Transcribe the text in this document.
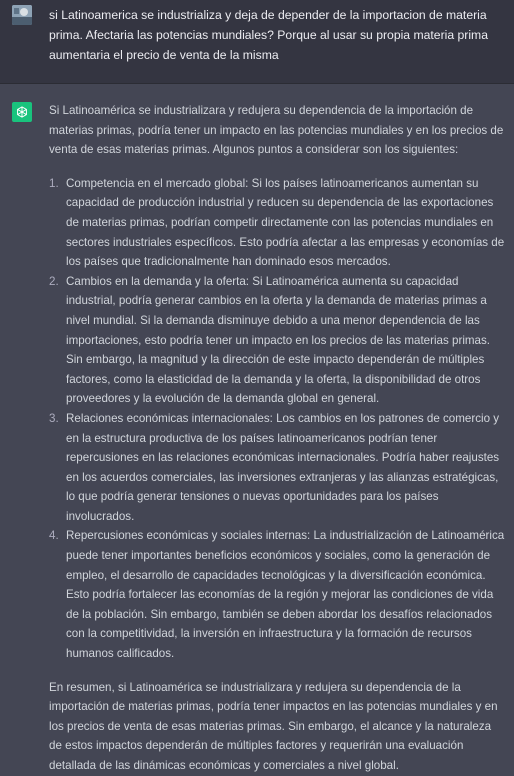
si Latinoamerica se industrializa y deja de depender de la importacion de materia prima. Afectaria las potencias mundiales? Porque al usar su propia materia prima aumentaria el precio de venta de la misma

Si Latinoamérica se industrializara y redujera su dependencia de la importación de materias primas, podría tener un impacto en las potencias mundiales y en los precios de venta de esas materias primas. Algunos puntos a considerar son los siguientes:

1. Competencia en el mercado global: Si los países latinoamericanos aumentan su capacidad de producción industrial y reducen su dependencia de las exportaciones de materias primas, podrían competir directamente con las potencias mundiales en sectores industriales específicos. Esto podría afectar a las empresas y economías de los países que tradicionalmente han dominado esos mercados.
2. Cambios en la demanda y la oferta: Si Latinoamérica aumenta su capacidad industrial, podría generar cambios en la oferta y la demanda de materias primas a nivel mundial. Si la demanda disminuye debido a una menor dependencia de las importaciones, esto podría tener un impacto en los precios de las materias primas. Sin embargo, la magnitud y la dirección de este impacto dependerán de múltiples factores, como la elasticidad de la demanda y la oferta, la disponibilidad de otros proveedores y la evolución de la demanda global en general.
3. Relaciones económicas internacionales: Los cambios en los patrones de comercio y en la estructura productiva de los países latinoamericanos podrían tener repercusiones en las relaciones económicas internacionales. Podría haber reajustes en los acuerdos comerciales, las inversiones extranjeras y las alianzas estratégicas, lo que podría generar tensiones o nuevas oportunidades para los países involucrados.
4. Repercusiones económicas y sociales internas: La industrialización de Latinoamérica puede tener importantes beneficios económicos y sociales, como la generación de empleo, el desarrollo de capacidades tecnológicas y la diversificación económica. Esto podría fortalecer las economías de la región y mejorar las condiciones de vida de la población. Sin embargo, también se deben abordar los desafíos relacionados con la competitividad, la inversión en infraestructura y la formación de recursos humanos calificados.

En resumen, si Latinoamérica se industrializara y redujera su dependencia de la importación de materias primas, podría tener impactos en las potencias mundiales y en los precios de venta de esas materias primas. Sin embargo, el alcance y la naturaleza de estos impactos dependerán de múltiples factores y requerirán una evaluación detallada de las dinámicas económicas y comerciales a nivel global.
